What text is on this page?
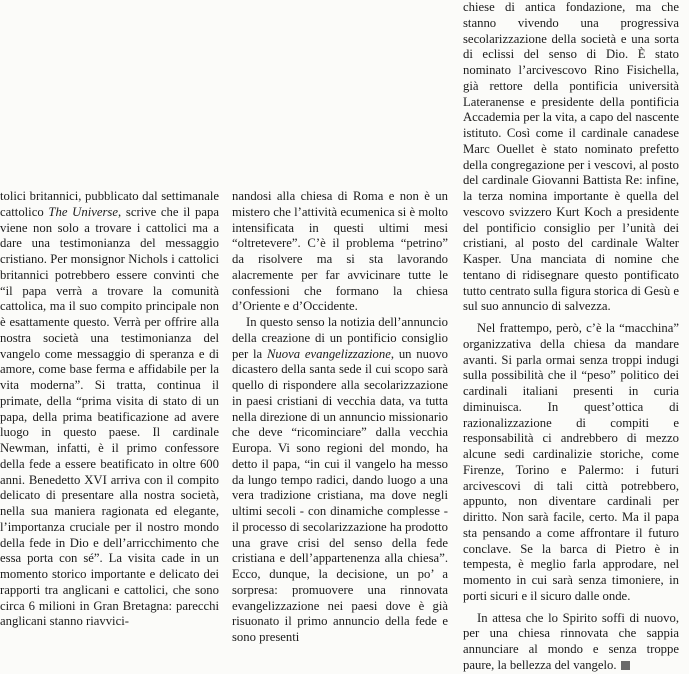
tolici britannici, pubblicato dal settimanale cattolico The Universe, scrive che il papa viene non solo a trovare i cattolici ma a dare una testimonianza del messaggio cristiano. Per monsignor Nichols i cattolici britannici potrebbero essere convinti che “il papa verrà a trovare la comunità cattolica, ma il suo compito principale non è esattamente questo. Verrà per offrire alla nostra società una testimonianza del vangelo come messaggio di speranza e di amore, come base ferma e affidabile per la vita moderna”. Si tratta, continua il primate, della “prima visita di stato di un papa, della prima beatificazione ad avere luogo in questo paese. Il cardinale Newman, infatti, è il primo confessore della fede a essere beatificato in oltre 600 anni. Benedetto XVI arriva con il compito delicato di presentare alla nostra società, nella sua maniera ragionata ed elegante, l’importanza cruciale per il nostro mondo della fede in Dio e dell’arricchimento che essa porta con sé”. La visita cade in un momento storico importante e delicato dei rapporti tra anglicani e cattolici, che sono circa 6 milioni in Gran Bretagna: parecchi anglicani stanno riavvici-

nandosi alla chiesa di Roma e non è un mistero che l’attività ecumenica si è molto intensificata in questi ultimi mesi “oltretevere”. C’è il problema “petrino” da risolvere ma si sta lavorando alacremente per far avvicinare tutte le confessioni che formano la chiesa d’Oriente e d’Occidente.

In questo senso la notizia dell’annuncio della creazione di un pontificio consiglio per la Nuova evangelizzazione, un nuovo dicastero della santa sede il cui scopo sarà quello di rispondere alla secolarizzazione in paesi cristiani di vecchia data, va tutta nella direzione di un annuncio missionario che deve “ricominciare” dalla vecchia Europa. Vi sono regioni del mondo, ha detto il papa, “in cui il vangelo ha messo da lungo tempo radici, dando luogo a una vera tradizione cristiana, ma dove negli ultimi secoli - con dinamiche complesse - il processo di secolarizzazione ha prodotto una grave crisi del senso della fede cristiana e dell’appartenenza alla chiesa”. Ecco, dunque, la decisione, un po’ a sorpresa: promuovere una rinnovata evangelizzazione nei paesi dove è già risuonato il primo annuncio della fede e sono presenti

chiese di antica fondazione, ma che stanno vivendo una progressiva secolarizzazione della società e una sorta di eclissi del senso di Dio. È stato nominato l’arcivescovo Rino Fisichella, già rettore della pontificia università Lateranense e presidente della pontificia Accademia per la vita, a capo del nascente istituto. Così come il cardinale canadese Marc Ouellet è stato nominato prefetto della congregazione per i vescovi, al posto del cardinale Giovanni Battista Re: infine, la terza nomina importante è quella del vescovo svizzero Kurt Koch a presidente del pontificio consiglio per l’unità dei cristiani, al posto del cardinale Walter Kasper. Una manciata di nomine che tentano di ridisegnare questo pontificato tutto centrato sulla figura storica di Gesù e sul suo annuncio di salvezza.

Nel frattempo, però, c’è la “macchina” organizzativa della chiesa da mandare avanti. Si parla ormai senza troppi indugi sulla possibilità che il “peso” politico dei cardinali italiani presenti in curia diminuisca. In quest’ottica di razionalizzazione di compiti e responsabilità ci andrebbero di mezzo alcune sedi cardinalizie storiche, come Firenze, Torino e Palermo: i futuri arcivescovi di tali città potrebbero, appunto, non diventare cardinali per diritto. Non sarà facile, certo. Ma il papa sta pensando a come affrontare il futuro conclave. Se la barca di Pietro è in tempesta, è meglio farla approdare, nel momento in cui sarà senza timoniere, in porti sicuri e il sicuro dalle onde.

In attesa che lo Spirito soffi di nuovo, per una chiesa rinnovata che sappia annunciare al mondo e senza troppe paure, la bellezza del vangelo.
